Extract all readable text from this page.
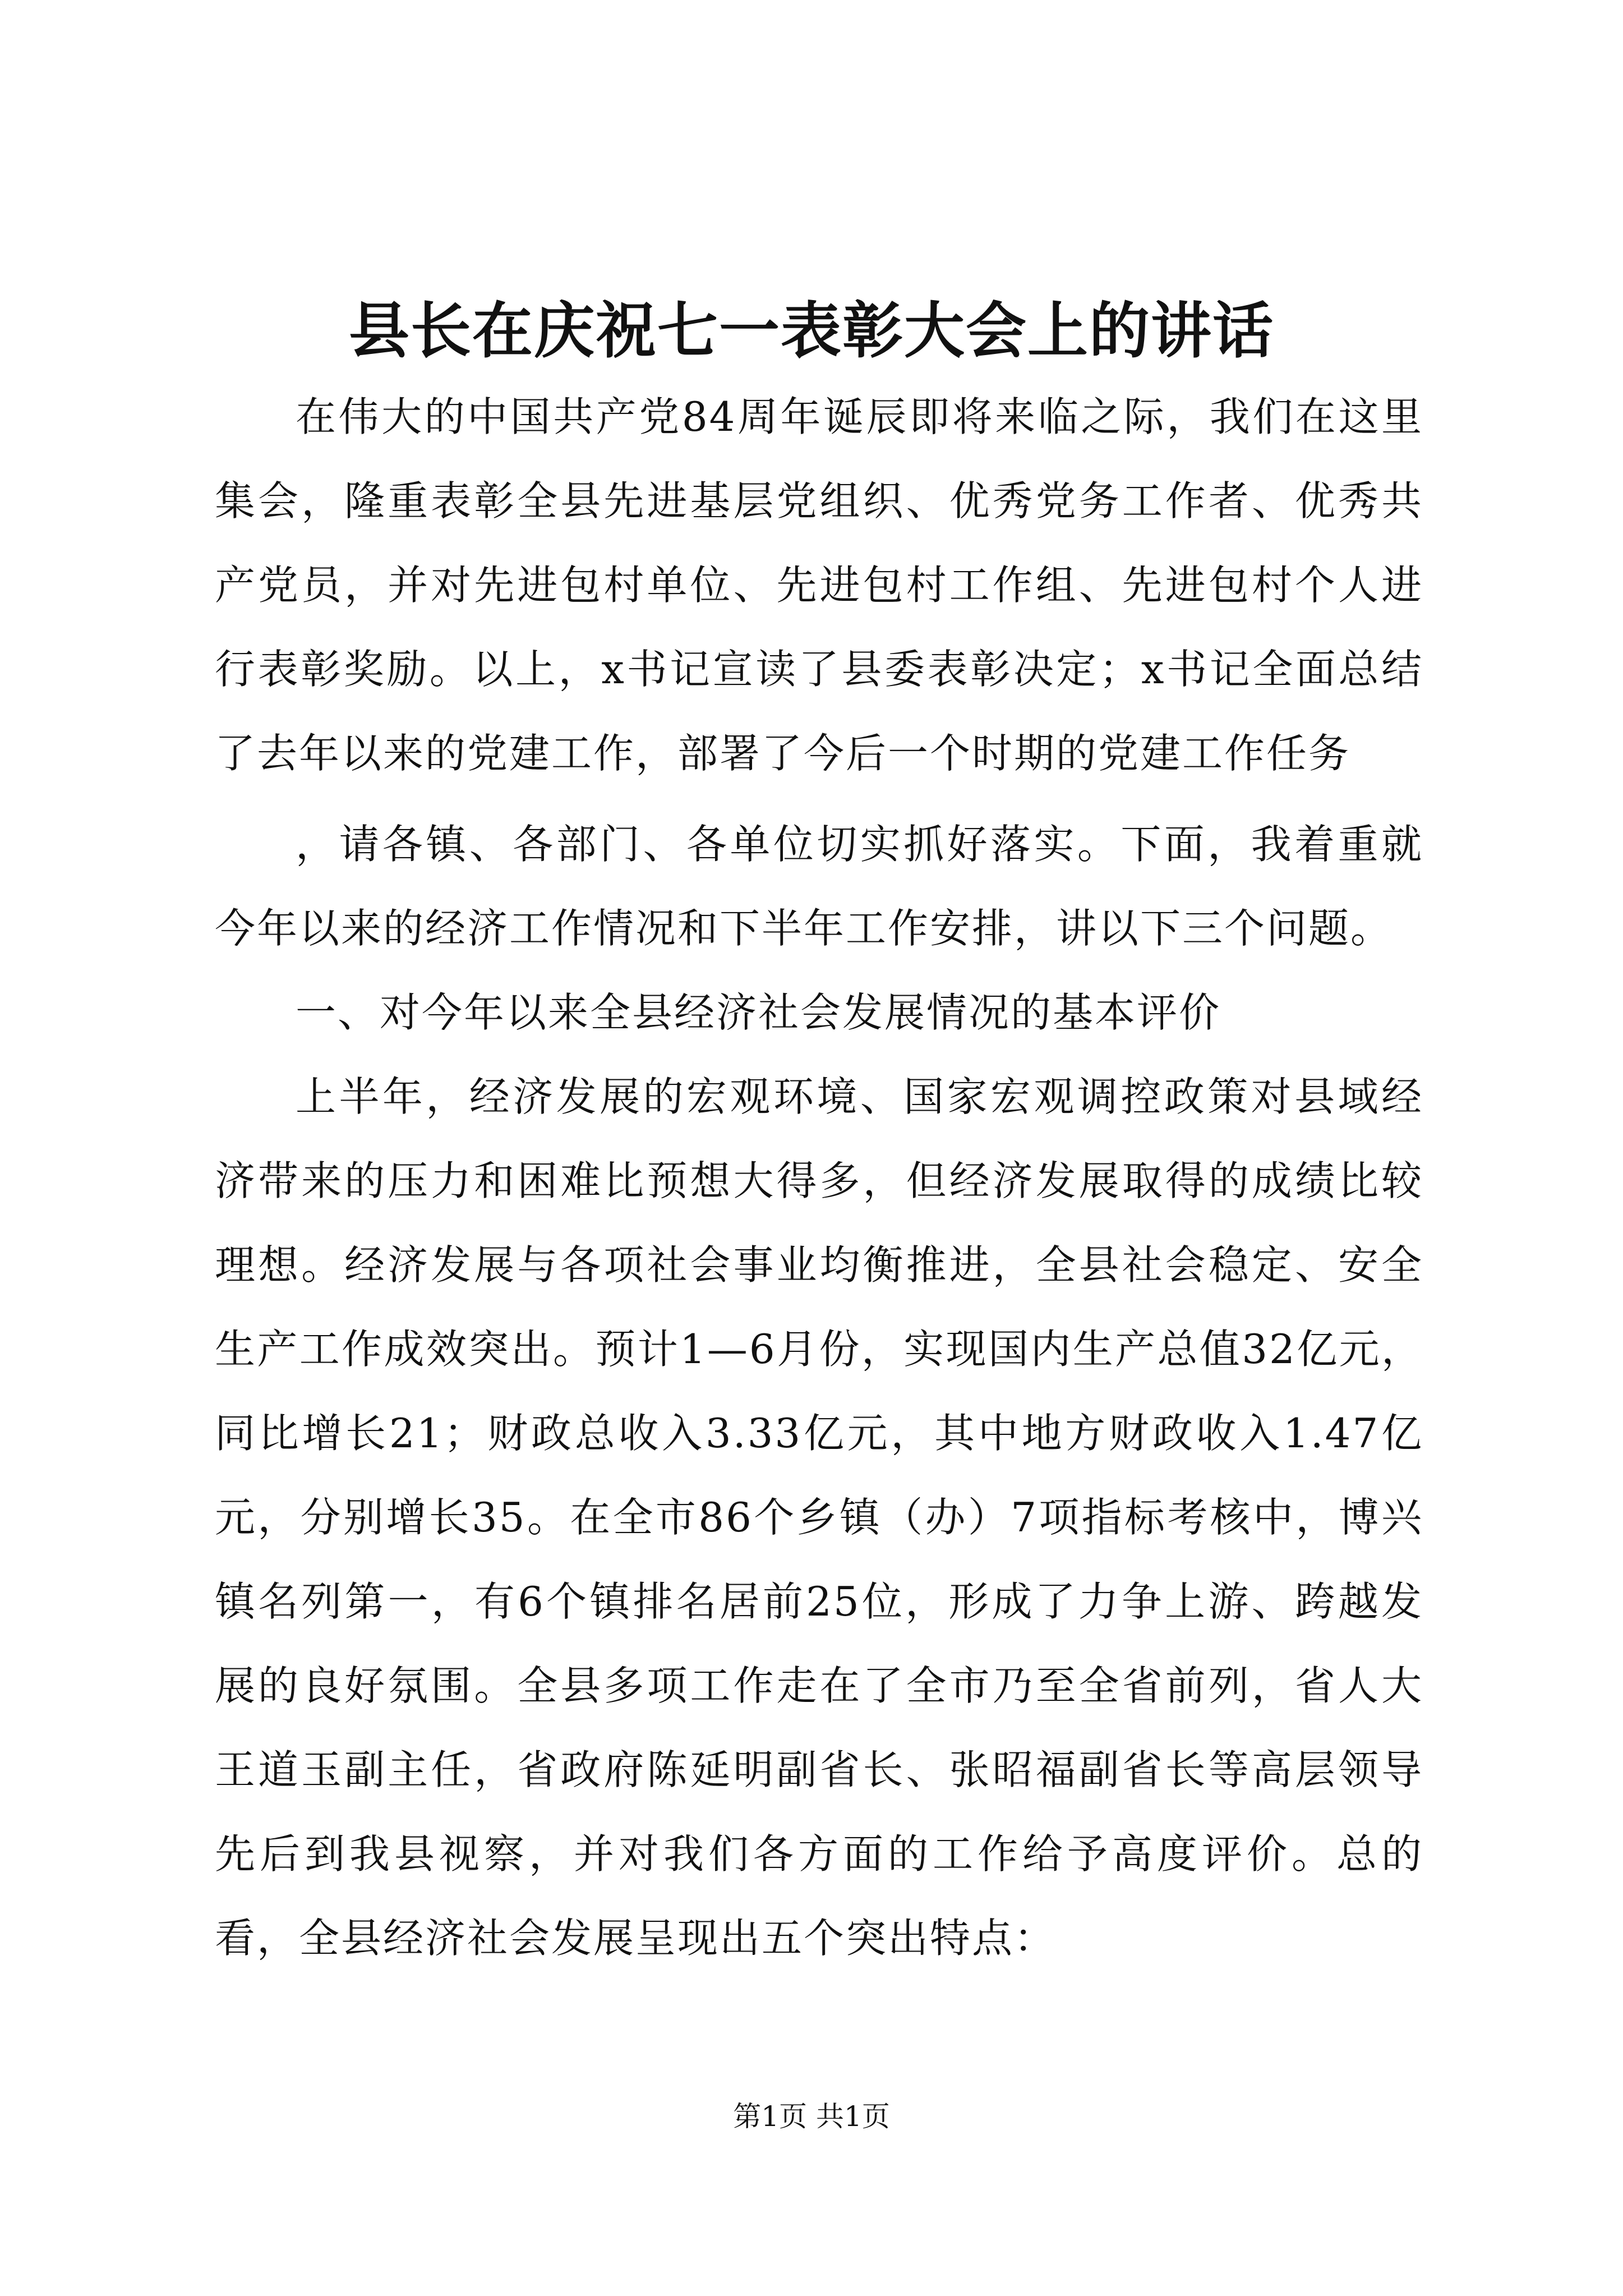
县长在庆祝七一表彰大会上的讲话

在伟大的中国共产党84周年诞辰即将来临之际，我们在这里集会，隆重表彰全县先进基层党组织、优秀党务工作者、优秀共产党员，并对先进包村单位、先进包村工作组、先进包村个人进行表彰奖励。以上，x书记宣读了县委表彰决定；x书记全面总结了去年以来的党建工作，部署了今后一个时期的党建工作任务

，请各镇、各部门、各单位切实抓好落实。下面，我着重就今年以来的经济工作情况和下半年工作安排，讲以下三个问题。

一、对今年以来全县经济社会发展情况的基本评价

上半年，经济发展的宏观环境、国家宏观调控政策对县域经济带来的压力和困难比预想大得多，但经济发展取得的成绩比较理想。经济发展与各项社会事业均衡推进，全县社会稳定、安全生产工作成效突出。预计1—6月份，实现国内生产总值32亿元，同比增长21；财政总收入3.33亿元，其中地方财政收入1.47亿元，分别增长35。在全市86个乡镇（办）7项指标考核中，博兴镇名列第一，有6个镇排名居前25位，形成了力争上游、跨越发展的良好氛围。全县多项工作走在了全市乃至全省前列，省人大王道玉副主任，省政府陈延明副省长、张昭福副省长等高层领导先后到我县视察，并对我们各方面的工作给予高度评价。总的看，全县经济社会发展呈现出五个突出特点：

第1页 共1页
